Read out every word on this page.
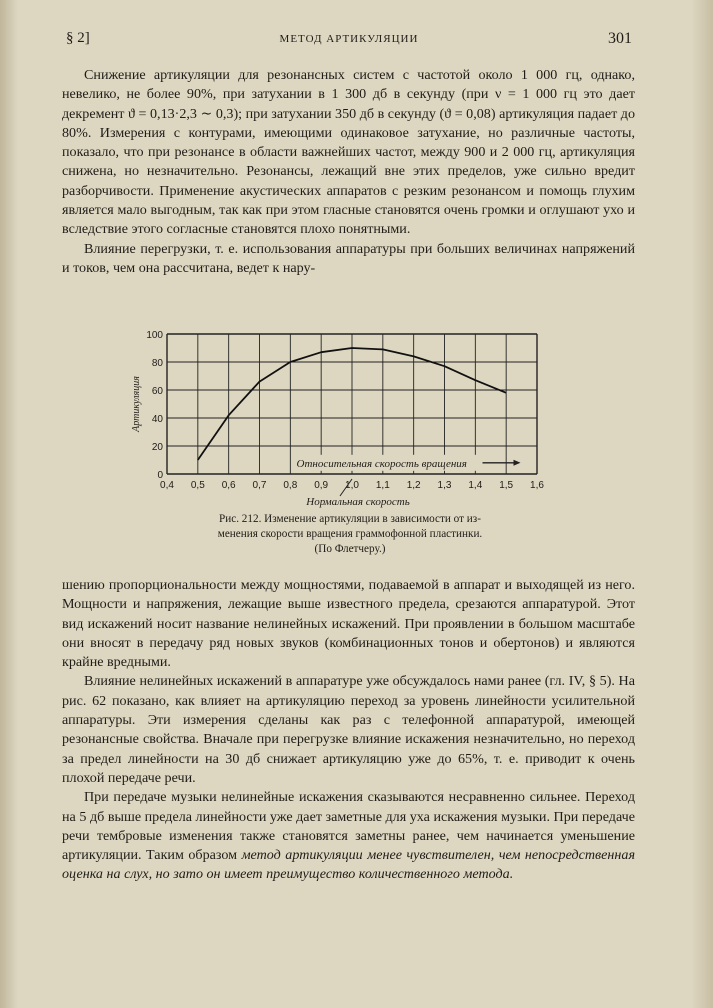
§ 2]	МЕТОД АРТИКУЛЯЦИИ	301

Снижение артикуляции для резонансных систем с частотой около 1 000 гц, однако, невелико, не более 90%, при затухании в 1 300 дб в секунду (при ν = 1 000 гц это дает декремент ϑ = 0,13·2,3 ∼ 0,3); при затухании 350 дб в секунду (ϑ = 0,08) артикуляция падает до 80%. Измерения с контурами, имеющими одинаковое затухание, но различные частоты, показало, что при резонансе в области важнейших частот, между 900 и 2 000 гц, артикуляция снижена, но незначительно. Резонансы, лежащий вне этих пределов, уже сильно вредит разборчивости. Применение акустических аппаратов с резким резонансом и помощь глухим является мало выгодным, так как при этом гласные становятся очень громки и оглушают ухо и вследствие этого согласные становятся плохо понятными.

Влияние перегрузки, т. е. использования аппаратуры при больших величинах напряжений и токов, чем она рассчитана, ведет к нару-

0,4 0,5 0,6 0,7 0,8 0,9 1,0 1,1 1,2 1,3 1,4 1,5 1,6
0
20
40
60
80
100
Артикуляция
Нормальная скорость
Относительная скорость вращения
Рис. 212. Изменение артикуляции в зависимости от из-
менения скорости вращения граммофонной пластинки.
(По Флетчеру.)

шению пропорциональности между мощностями, подаваемой в аппарат и выходящей из него. Мощности и напряжения, лежащие выше известного предела, срезаются аппаратурой. Этот вид искажений носит название нелинейных искажений. При проявлении в большом масштабе они вносят в передачу ряд новых звуков (комбинационных тонов и обертонов) и являются крайне вредными.

Влияние нелинейных искажений в аппаратуре уже обсуждалось нами ранее (гл. IV, § 5). На рис. 62 показано, как влияет на артикуляцию переход за уровень линейности усилительной аппаратуры. Эти измерения сделаны как раз с телефонной аппаратурой, имеющей резонансные свойства. Вначале при перегрузке влияние искажения незначительно, но переход за предел линейности на 30 дб снижает артикуляцию уже до 65%, т. е. приводит к очень плохой передаче речи.

При передаче музыки нелинейные искажения сказываются несравненно сильнее. Переход на 5 дб выше предела линейности уже дает заметные для уха искажения музыки. При передаче речи тембровые изменения также становятся заметны ранее, чем начинается уменьшение артикуляции. Таким образом метод артикуляции менее чувствителен, чем непосредственная оценка на слух, но зато он имеет преимущество количественного метода.
